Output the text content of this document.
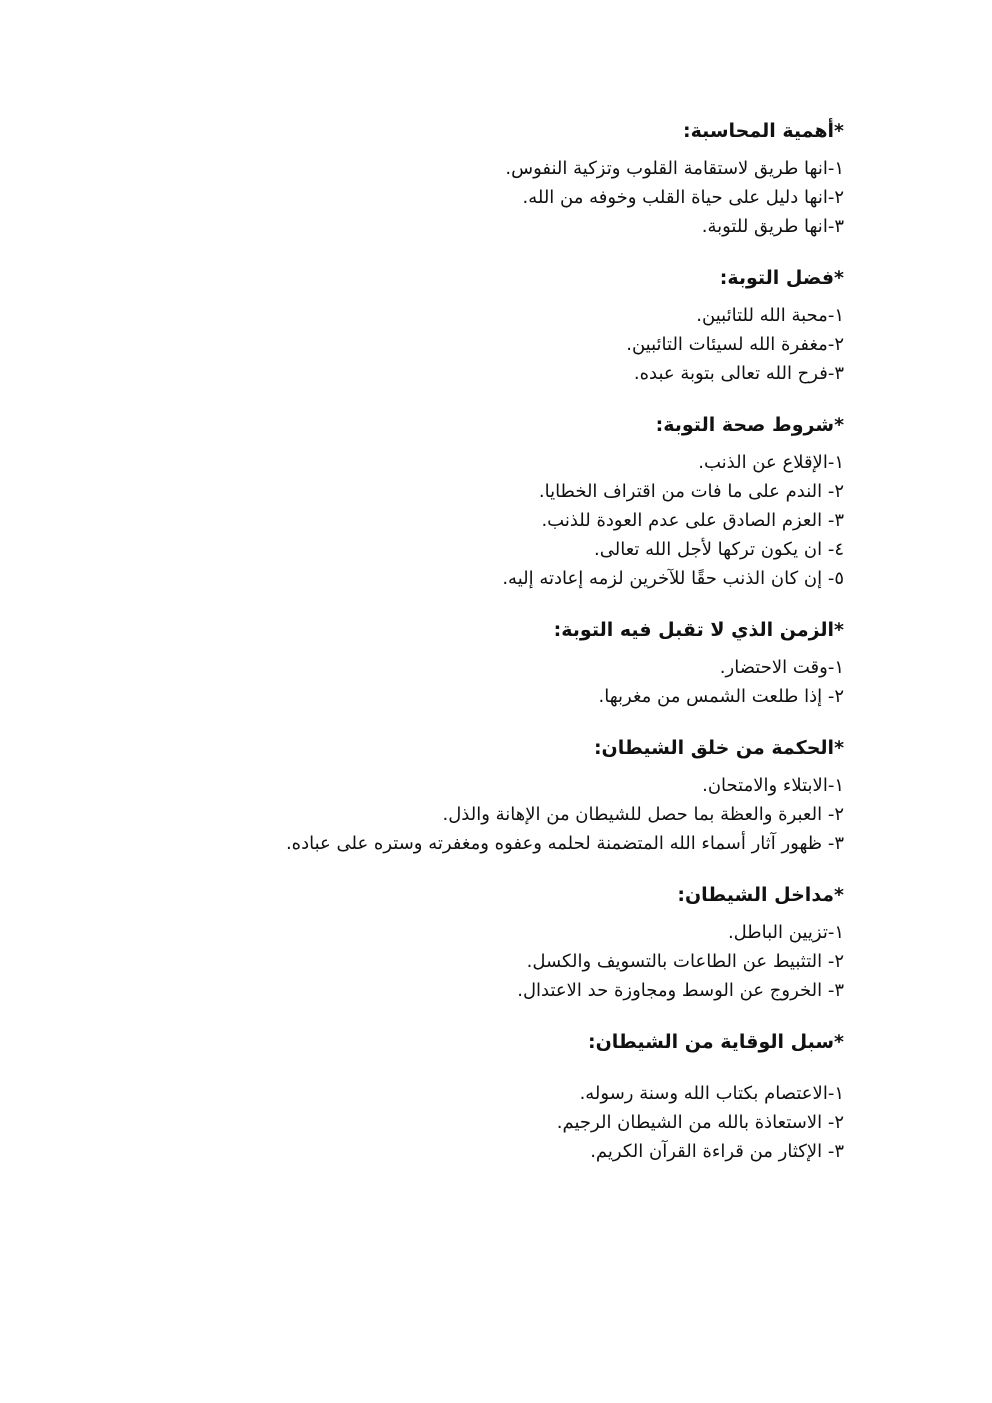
*أهمية المحاسبة:
١-انها طريق لاستقامة القلوب وتزكية النفوس.
٢-انها دليل على حياة القلب وخوفه من الله.
٣-انها طريق للتوبة.
*فضل التوبة:
١-محبة الله للتائبين.
٢-مغفرة الله لسيئات التائبين.
٣-فرح الله تعالى بتوبة عبده.
*شروط صحة التوبة:
١-الإقلاع عن الذنب.
٢- الندم على ما فات من اقتراف الخطايا.
٣- العزم الصادق على عدم العودة للذنب.
٤- ان يكون تركها لأجل الله تعالى.
٥- إن كان الذنب حقًا للآخرين لزمه إعادته إليه.
*الزمن الذي لا تقبل فيه التوبة:
١-وقت الاحتضار.
٢- إذا طلعت الشمس من مغربها.
*الحكمة من خلق الشيطان:
١-الابتلاء والامتحان.
٢- العبرة والعظة بما حصل للشيطان من الإهانة والذل.
٣- ظهور آثار أسماء الله المتضمنة لحلمه وعفوه ومغفرته وستره على عباده.
*مداخل الشيطان:
١-تزيين الباطل.
٢- التثبيط عن الطاعات بالتسويف والكسل.
٣- الخروج عن الوسط ومجاوزة حد الاعتدال.
*سبل الوقاية من الشيطان:
١-الاعتصام بكتاب الله وسنة رسوله.
٢- الاستعاذة بالله من الشيطان الرجيم.
٣- الإكثار من قراءة القرآن الكريم.
